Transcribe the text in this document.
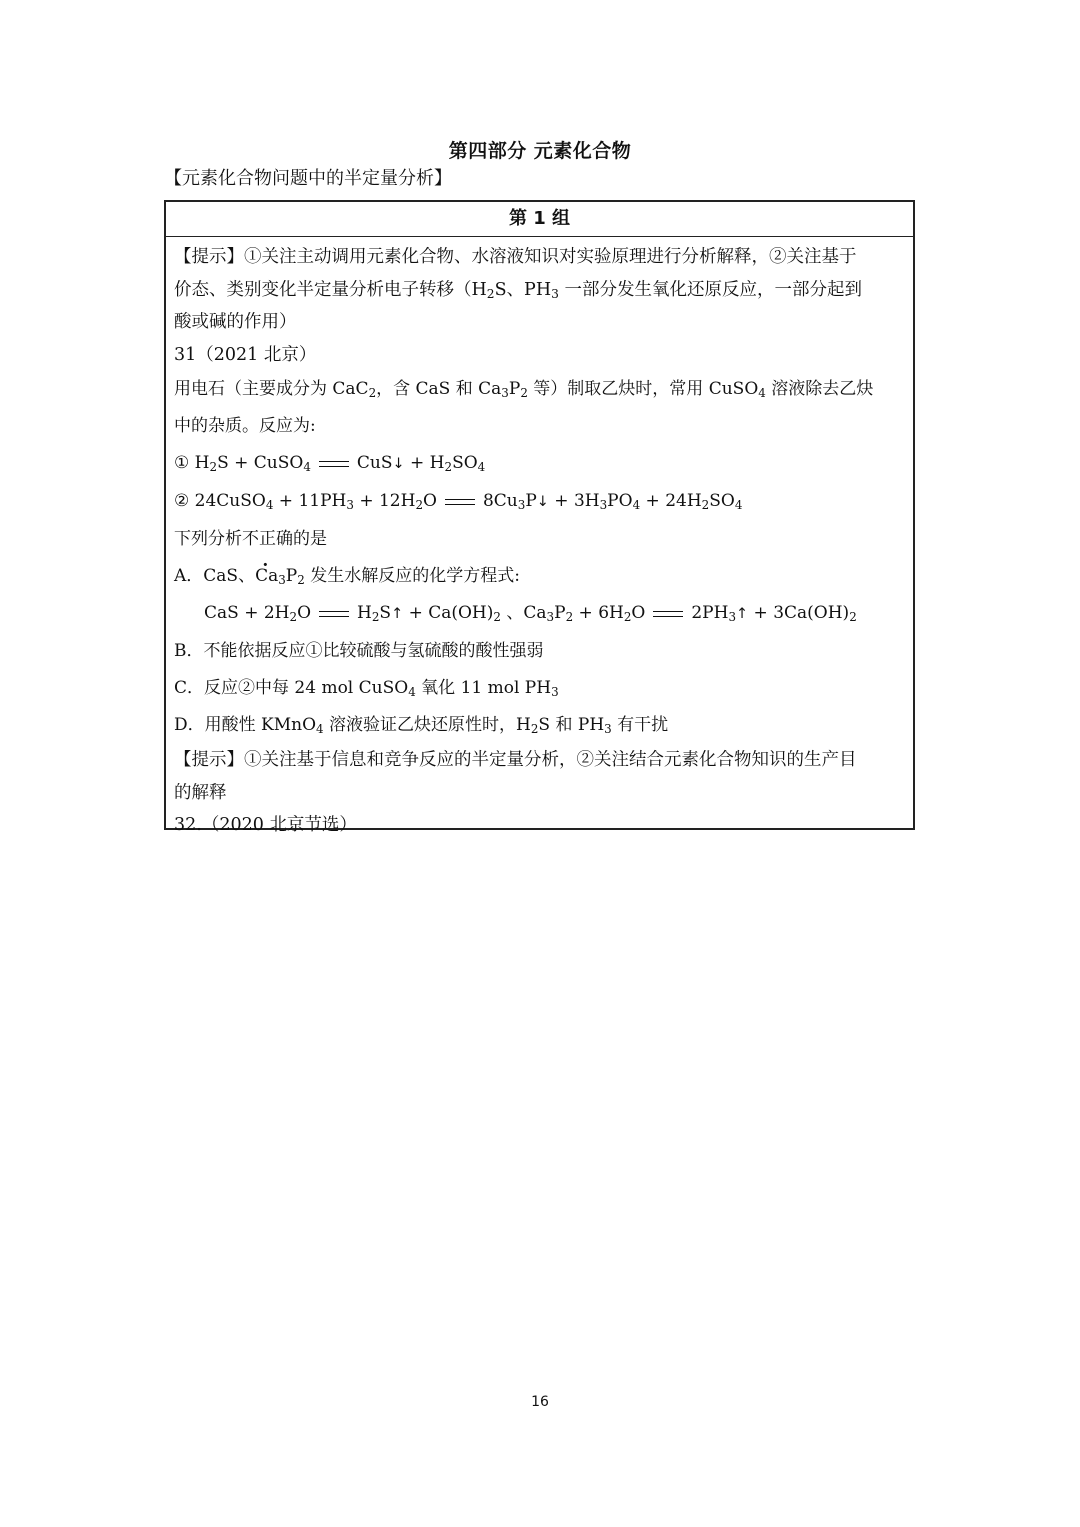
第四部分 元素化合物
【元素化合物问题中的半定量分析】
第 1 组
【提示】①关注主动调用元素化合物、水溶液知识对实验原理进行分析解释，②关注基于
价态、类别变化半定量分析电子转移（$H_2S$、$PH_3$ 一部分发生氧化还原反应，一部分起到
酸或碱的作用）
31（2021 北京）
用电石（主要成分为 CaC$_2$，含 CaS 和 $Ca_3P_2$ 等）制取乙炔时，常用 CuSO$_4$ 溶液除去乙炔
中的杂质。反应为:
① $H_2S$ + CuSO$_4$	CuS↓ + $H_2SO_4$
② 24CuSO$_4$ + $11PH_3 + 12H_2O$	$8Cu_3P↓ + 3H_3PO_4 + 24H_2SO_4$
下列分析不正确的是
A．CaS、$Ca_3P_2$ 发生水解反应的化学方程式:
CaS + $2H_2O$	$H_2S↑ + Ca(OH)_2$ 、$Ca_3P_2 + 6H_2O$	$2PH_3↑ + 3Ca(OH)_2$
B．不能依据反应①比较硫酸与氢硫酸的酸性强弱
C．反应②中每 24 mol CuSO$_4$ 氧化 11 mol $PH_3$
D．用酸性 KMnO$_4$ 溶液验证乙炔还原性时，$H_2S$ 和 $PH_3$ 有干扰
【提示】①关注基于信息和竞争反应的半定量分析，②关注结合元素化合物知识的生产目
的解释
32.（2020 北京节选）
16
